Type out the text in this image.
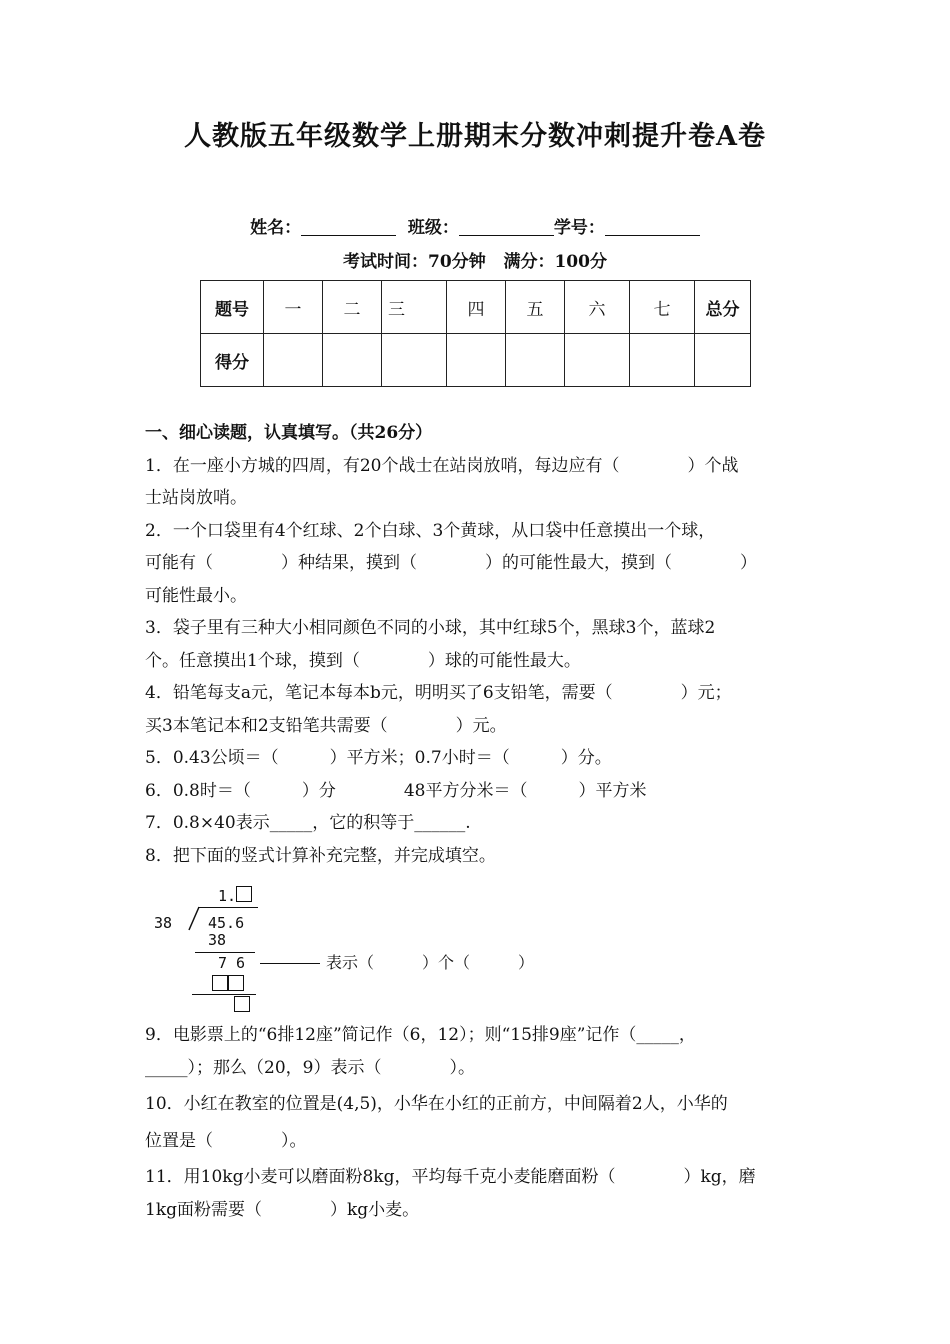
人教版五年级数学上册期末分数冲刺提升卷A卷
姓名：	班级：	学号：
考试时间：70分钟   满分：100分
题号	一	二	三	四	五	六	七	总分
得分								
一、细心读题，认真填写。（共26分）
1．在一座小方城的四周，有20个战士在站岗放哨，每边应有（　　　　）个战
士站岗放哨。
2．一个口袋里有4个红球、2个白球、3个黄球，从口袋中任意摸出一个球，
可能有（　　　　）种结果，摸到（　　　　）的可能性最大，摸到（　　　　）
可能性最小。
3．袋子里有三种大小相同颜色不同的小球，其中红球5个，黑球3个，蓝球2
个。任意摸出1个球，摸到（　　　　）球的可能性最大。
4．铅笔每支a元，笔记本每本b元，明明买了6支铅笔，需要（　　　　）元；
买3本笔记本和2支铅笔共需要（　　　　）元。
5．0.43公顷＝（　　　）平方米；0.7小时＝（　　　）分。
6．0.8时＝（　　　）分　　　　48平方分米＝（　　　）平方米
7．0.8×40表示_____，它的积等于______.
8．把下面的竖式计算补充完整，并完成填空。
1.
38 45.6
38
7 6	表示（　　　）个（　　　）
9．电影票上的“6排12座”简记作（6，12）；则“15排9座”记作（_____，
_____）；那么（20，9）表示（　　　　）。
10．小红在教室的位置是(4,5)，小华在小红的正前方，中间隔着2人，小华的
位置是（　　　　）。
11．用10kg小麦可以磨面粉8kg，平均每千克小麦能磨面粉（　　　　）kg，磨
1kg面粉需要（　　　　）kg小麦。
